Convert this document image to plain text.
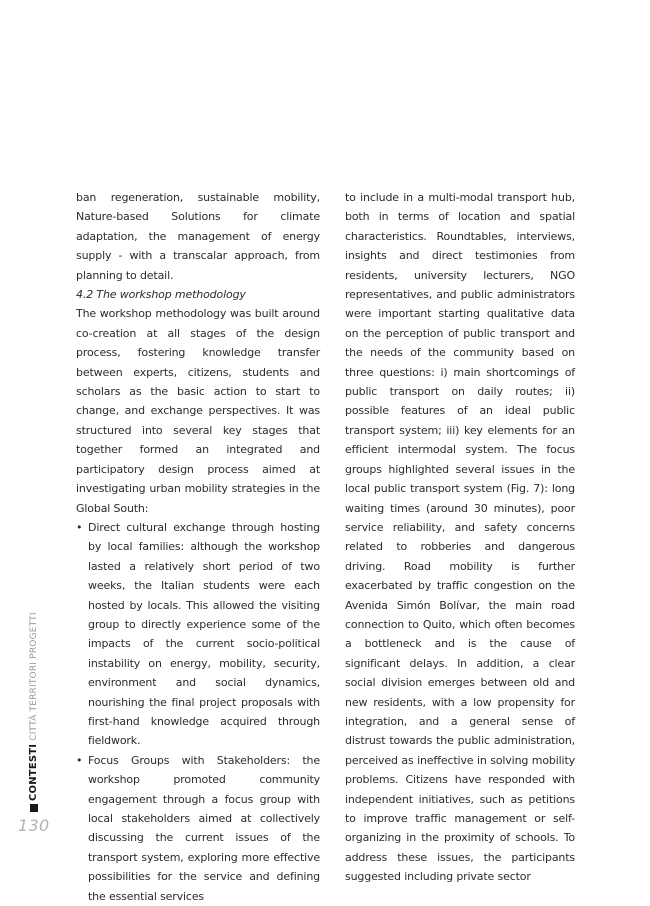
ban regeneration, sustainable mobility, Nature-based Solutions for climate adaptation, the management of energy supply - with a transcalar approach, from planning to detail.

4.2 The workshop methodology

The workshop methodology was built around co-creation at all stages of the design process, fostering knowledge transfer between experts, citizens, students and scholars as the basic action to start to change, and exchange perspectives. It was structured into several key stages that together formed an integrated and participatory design process aimed at investigating urban mobility strategies in the Global South:

• Direct cultural exchange through hosting by local families: although the workshop lasted a relatively short period of two weeks, the Italian students were each hosted by locals. This allowed the visiting group to directly experience some of the impacts of the current socio-political instability on energy, mobility, security, environment and social dynamics, nourishing the final project proposals with first-hand knowledge acquired through fieldwork.
• Focus Groups with Stakeholders: the workshop promoted community engagement through a focus group with local stakeholders aimed at collectively discussing the current issues of the transport system, exploring more effective possibilities for the service and defining the essential services

to include in a multi-modal transport hub, both in terms of location and spatial characteristics. Roundtables, interviews, insights and direct testimonies from residents, university lecturers, NGO representatives, and public administrators were important starting qualitative data on the perception of public transport and the needs of the community based on three questions: i) main shortcomings of public transport on daily routes; ii) possible features of an ideal public transport system; iii) key elements for an efficient intermodal system. The focus groups highlighted several issues in the local public transport system (Fig. 7): long waiting times (around 30 minutes), poor service reliability, and safety concerns related to robberies and dangerous driving. Road mobility is further exacerbated by traffic congestion on the Avenida Simón Bolívar, the main road connection to Quito, which often becomes a bottleneck and is the cause of significant delays. In addition, a clear social division emerges between old and new residents, with a low propensity for integration, and a general sense of distrust towards the public administration, perceived as ineffective in solving mobility problems. Citizens have responded with independent initiatives, such as petitions to improve traffic management or self-organizing in the proximity of schools. To address these issues, the participants suggested including private sector

CONTESTI
CITTÀ TERRITORI PROGETTI
130
